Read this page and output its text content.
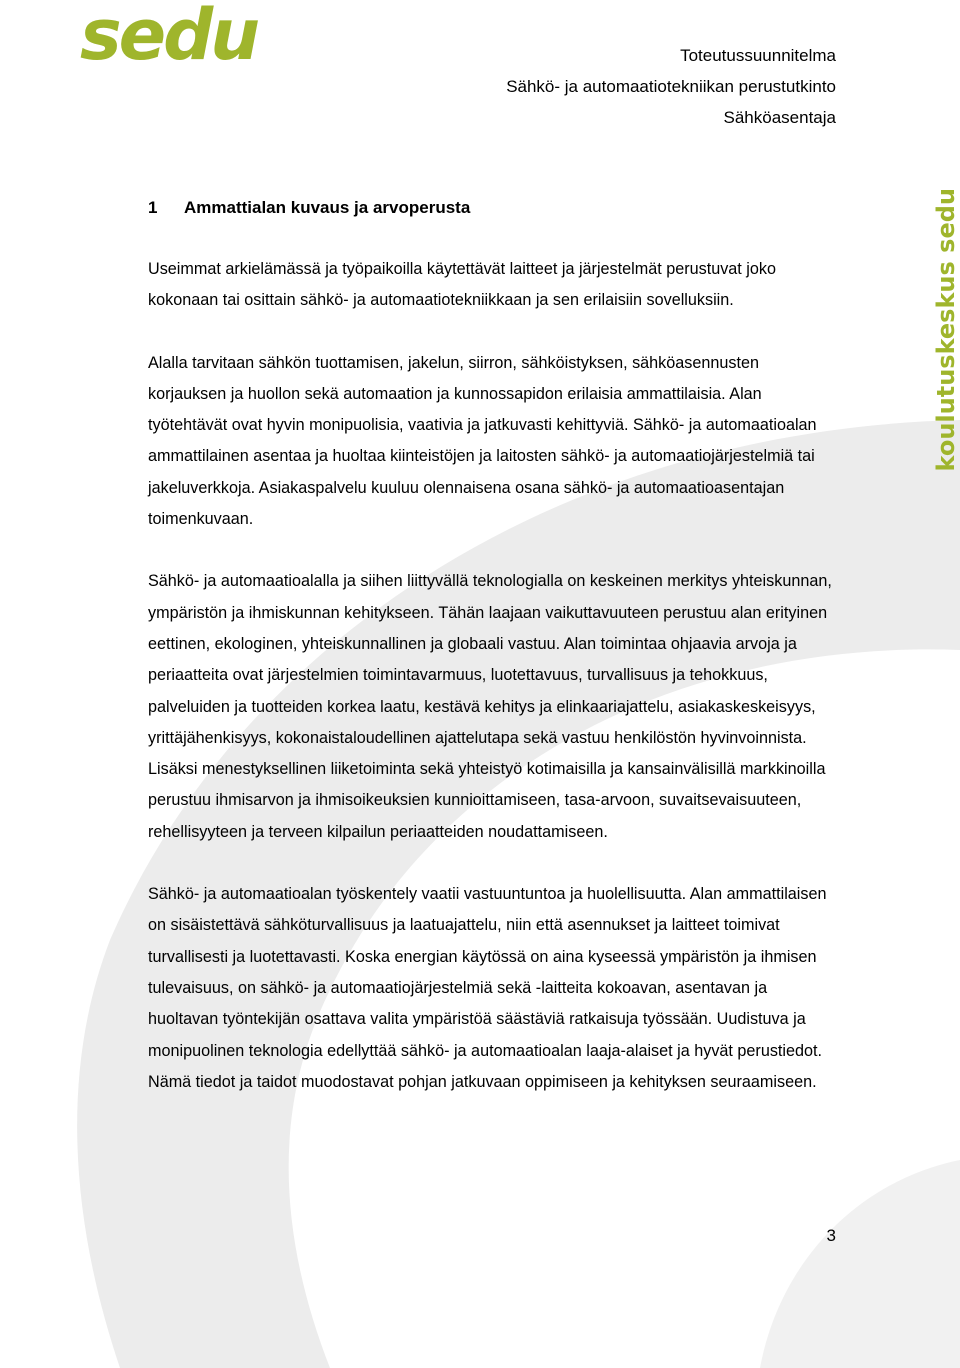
sedu
koulutuskeskus sedu
Toteutussuunnitelma
Sähkö- ja automaatiotekniikan perustutkinto
Sähköasentaja
1 Ammattialan kuvaus ja arvoperusta

Useimmat arkielämässä ja työpaikoilla käytettävät laitteet ja järjestelmät perustuvat joko kokonaan tai osittain sähkö- ja automaatiotekniikkaan ja sen erilaisiin sovelluksiin.

Alalla tarvitaan sähkön tuottamisen, jakelun, siirron, sähköistyksen, sähköasennusten korjauksen ja huollon sekä automaation ja kunnossapidon erilaisia ammattilaisia. Alan työtehtävät ovat hyvin monipuolisia, vaativia ja jatkuvasti kehittyviä. Sähkö- ja automaatioalan ammattilainen asentaa ja huoltaa kiinteistöjen ja laitosten sähkö- ja automaatiojärjestelmiä tai jakeluverkkoja. Asiakaspalvelu kuuluu olennaisena osana sähkö- ja automaatioasentajan toimenkuvaan.

Sähkö- ja automaatioalalla ja siihen liittyvällä teknologialla on keskeinen merkitys yhteiskunnan, ympäristön ja ihmiskunnan kehitykseen. Tähän laajaan vaikuttavuuteen perustuu alan erityinen eettinen, ekologinen, yhteiskunnallinen ja globaali vastuu. Alan toimintaa ohjaavia arvoja ja periaatteita ovat järjestelmien toimintavarmuus, luotettavuus, turvallisuus ja tehokkuus, palveluiden ja tuotteiden korkea laatu, kestävä kehitys ja elinkaariajattelu, asiakaskeskeisyys, yrittäjähenkisyys, kokonaistaloudellinen ajattelutapa sekä vastuu henkilöstön hyvinvoinnista. Lisäksi menestyksellinen liiketoiminta sekä yhteistyö kotimaisilla ja kansainvälisillä markkinoilla perustuu ihmisarvon ja ihmisoikeuksien kunnioittamiseen, tasa-arvoon, suvaitsevaisuuteen, rehellisyyteen ja terveen kilpailun periaatteiden noudattamiseen.

Sähkö- ja automaatioalan työskentely vaatii vastuuntuntoa ja huolellisuutta. Alan ammattilaisen on sisäistettävä sähköturvallisuus ja laatuajattelu, niin että asennukset ja laitteet toimivat turvallisesti ja luotettavasti. Koska energian käytössä on aina kyseessä ympäristön ja ihmisen tulevaisuus, on sähkö- ja automaatiojärjestelmiä sekä -laitteita kokoavan, asentavan ja huoltavan työntekijän osattava valita ympäristöä säästäviä ratkaisuja työssään. Uudistuva ja monipuolinen teknologia edellyttää sähkö- ja automaatioalan laaja-alaiset ja hyvät perustiedot. Nämä tiedot ja taidot muodostavat pohjan jatkuvaan oppimiseen ja kehityksen seuraamiseen.

3
